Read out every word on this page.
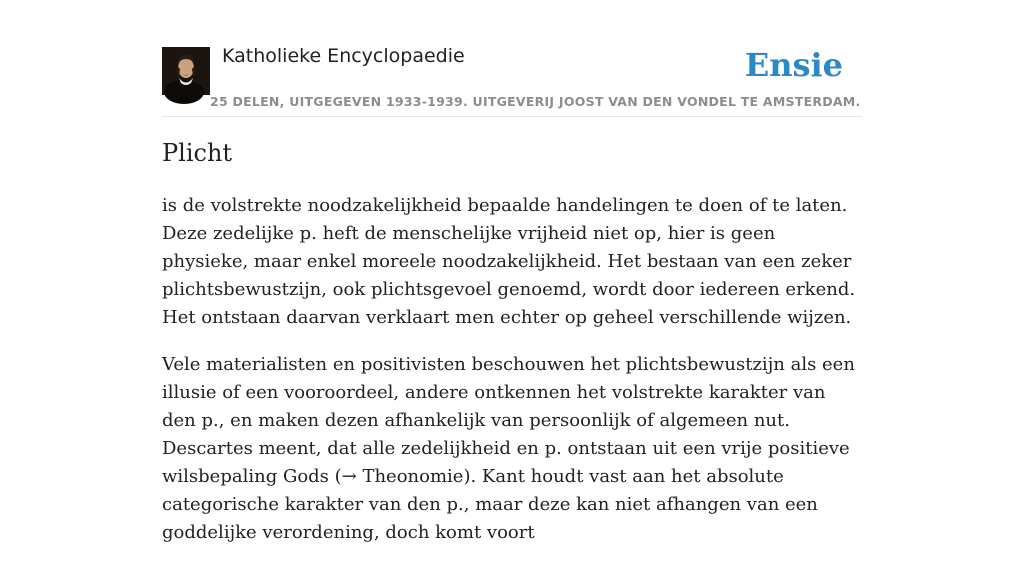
Katholieke Encyclopaedie	Ensie
25 DELEN, UITGEGEVEN 1933-1939. UITGEVERIJ JOOST VAN DEN VONDEL TE AMSTERDAM.
Plicht

is de volstrekte noodzakelijkheid bepaalde handelingen te doen of te laten. Deze zedelijke p. heft de menschelijke vrijheid niet op, hier is geen physieke, maar enkel moreele noodzakelijkheid. Het bestaan van een zeker plichtsbewustzijn, ook plichtsgevoel genoemd, wordt door iedereen erkend. Het ontstaan daarvan verklaart men echter op geheel verschillende wijzen.

Vele materialisten en positivisten beschouwen het plichtsbewustzijn als een illusie of een vooroordeel, andere ontkennen het volstrekte karakter van den p., en maken dezen afhankelijk van persoonlijk of algemeen nut. Descartes meent, dat alle zedelijkheid en p. ontstaan uit een vrije positieve wilsbepaling Gods (→ Theonomie). Kant houdt vast aan het absolute categorische karakter van den p., maar deze kan niet afhangen van een goddelijke verordening, doch komt voort
